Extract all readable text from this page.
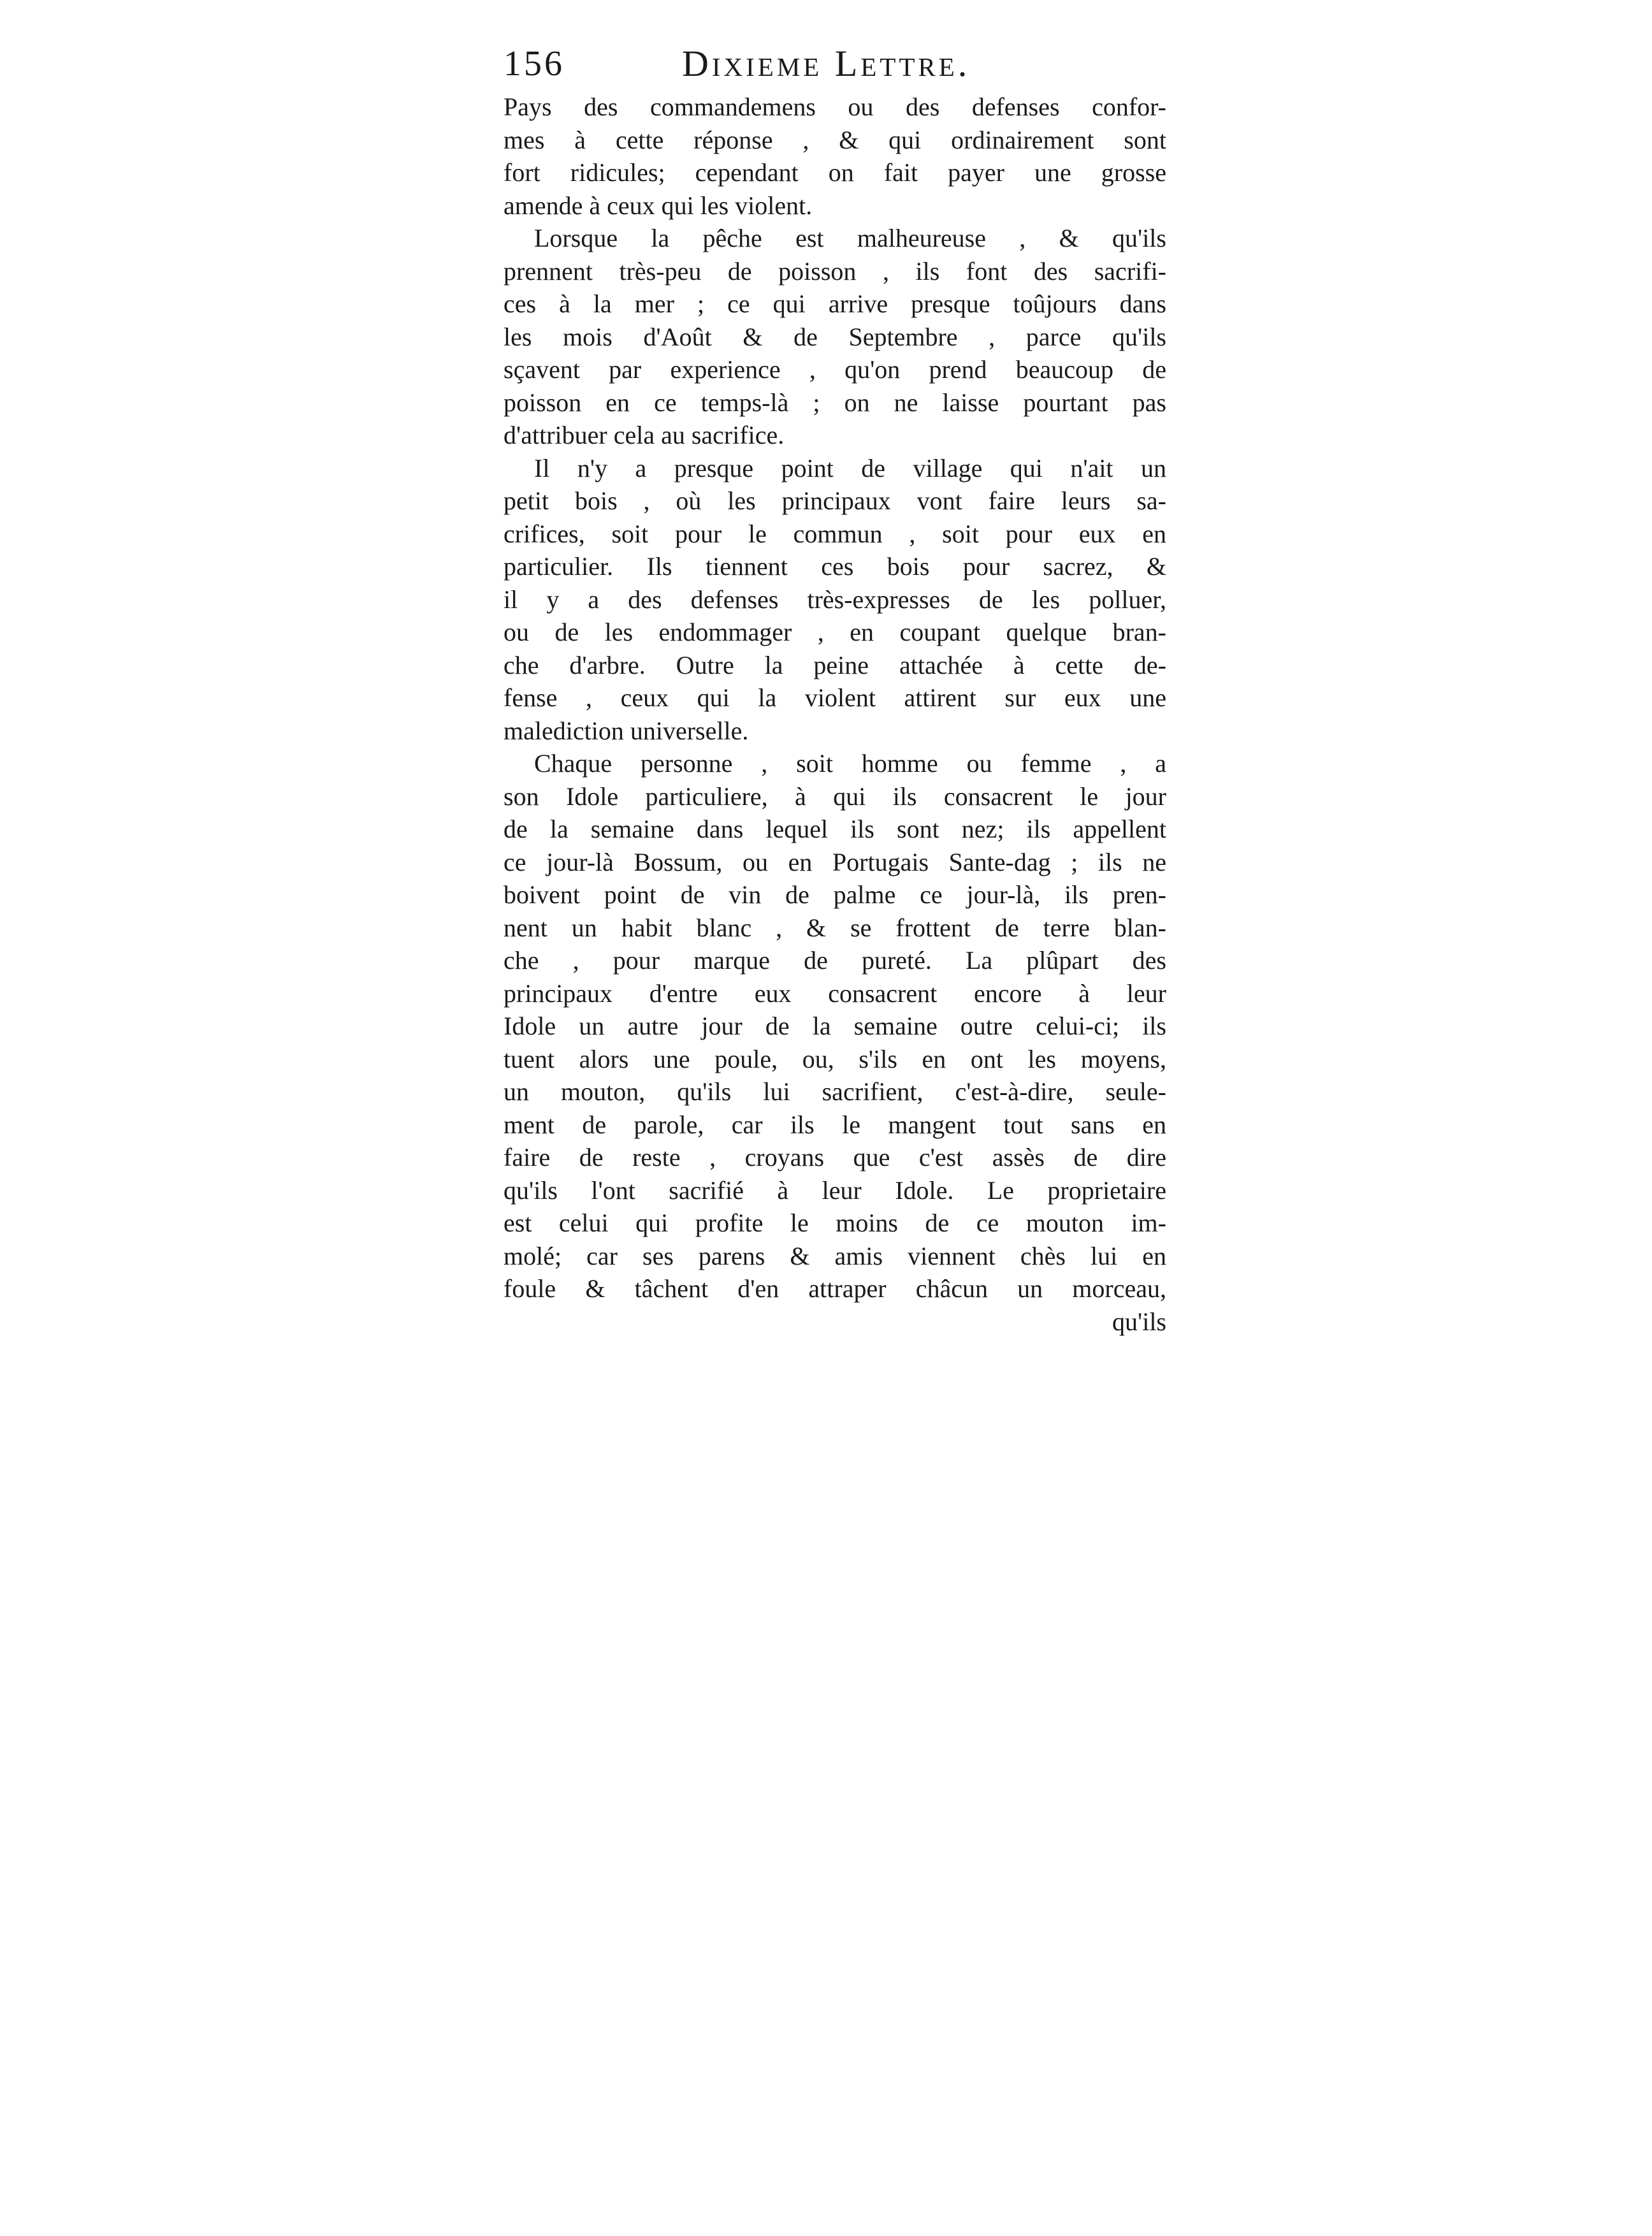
156	Dixieme Lettre.
Pays des commandemens ou des defenses confor-
mes à cette réponse , & qui ordinairement sont
fort ridicules; cependant on fait payer une grosse
amende à ceux qui les violent.
Lorsque la pêche est malheureuse , & qu'ils
prennent très-peu de poisson , ils font des sacrifi-
ces à la mer ; ce qui arrive presque toûjours dans
les mois d'Août & de Septembre , parce qu'ils
sçavent par experience , qu'on prend beaucoup de
poisson en ce temps-là ; on ne laisse pourtant pas
d'attribuer cela au sacrifice.
Il n'y a presque point de village qui n'ait un
petit bois , où les principaux vont faire leurs sa-
crifices, soit pour le commun , soit pour eux en
particulier. Ils tiennent ces bois pour sacrez, &
il y a des defenses très-expresses de les polluer,
ou de les endommager , en coupant quelque bran-
che d'arbre. Outre la peine attachée à cette de-
fense , ceux qui la violent attirent sur eux une
malediction universelle.
Chaque personne , soit homme ou femme , a
son Idole particuliere, à qui ils consacrent le jour
de la semaine dans lequel ils sont nez; ils appellent
ce jour-là Bossum, ou en Portugais Sante-dag ; ils ne
boivent point de vin de palme ce jour-là, ils pren-
nent un habit blanc , & se frottent de terre blan-
che , pour marque de pureté. La plûpart des
principaux d'entre eux consacrent encore à leur
Idole un autre jour de la semaine outre celui-ci; ils
tuent alors une poule, ou, s'ils en ont les moyens,
un mouton, qu'ils lui sacrifient, c'est-à-dire, seule-
ment de parole, car ils le mangent tout sans en
faire de reste , croyans que c'est assès de dire
qu'ils l'ont sacrifié à leur Idole. Le proprietaire
est celui qui profite le moins de ce mouton im-
molé; car ses parens & amis viennent chès lui en
foule & tâchent d'en attraper châcun un morceau,
qu'ils
